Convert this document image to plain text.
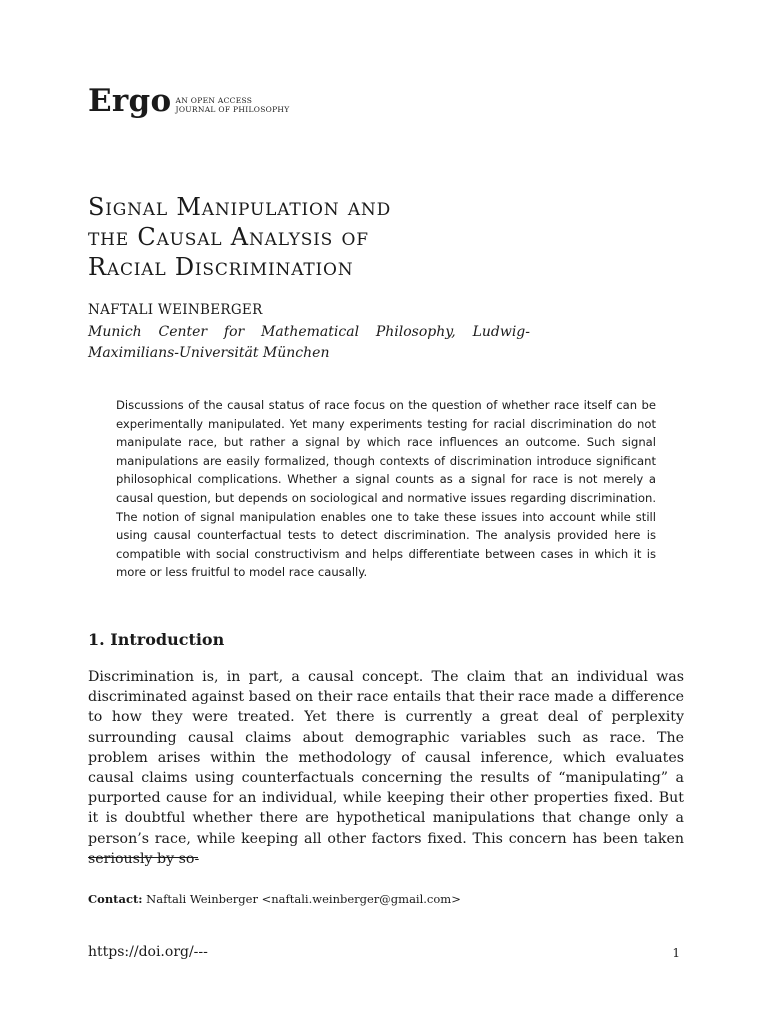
Ergo AN OPEN ACCESS
JOURNAL OF PHILOSOPHY
Signal Manipulation and
the Causal Analysis of
Racial Discrimination
NAFTALI WEINBERGER
Munich Center for Mathematical Philosophy, Ludwig-Maximilians-Universität München
Discussions of the causal status of race focus on the question of whether race itself can be experimentally manipulated. Yet many experiments testing for racial discrimination do not manipulate race, but rather a signal by which race influences an outcome. Such signal manipulations are easily formalized, though contexts of discrimination introduce significant philosophical complications. Whether a signal counts as a signal for race is not merely a causal question, but depends on sociological and normative issues regarding discrimination. The notion of signal manipulation enables one to take these issues into account while still using causal counterfactual tests to detect discrimination. The analysis provided here is compatible with social constructivism and helps differentiate between cases in which it is more or less fruitful to model race causally.
1. Introduction
Discrimination is, in part, a causal concept. The claim that an individual was discriminated against based on their race entails that their race made a difference to how they were treated. Yet there is currently a great deal of perplexity surrounding causal claims about demographic variables such as race. The problem arises within the methodology of causal inference, which evaluates causal claims using counterfactuals concerning the results of “manipulating” a purported cause for an individual, while keeping their other properties fixed. But it is doubtful whether there are hypothetical manipulations that change only a person’s race, while keeping all other factors fixed. This concern has been taken seriously by so-
Contact: Naftali Weinberger <naftali.weinberger@gmail.com>
https://doi.org/---	1
